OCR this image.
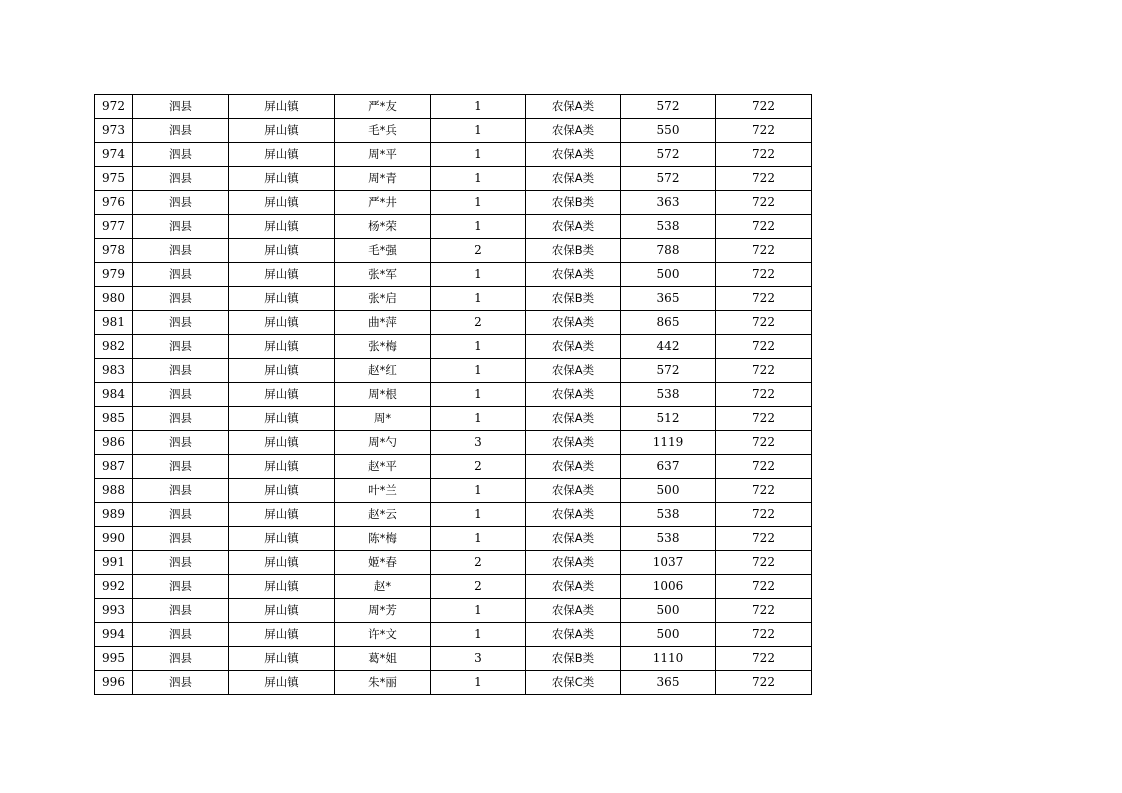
972	泗县	屏山镇	严*友	1	农保A类	572	722
973	泗县	屏山镇	毛*兵	1	农保A类	550	722
974	泗县	屏山镇	周*平	1	农保A类	572	722
975	泗县	屏山镇	周*青	1	农保A类	572	722
976	泗县	屏山镇	严*井	1	农保B类	363	722
977	泗县	屏山镇	杨*荣	1	农保A类	538	722
978	泗县	屏山镇	毛*强	2	农保B类	788	722
979	泗县	屏山镇	张*军	1	农保A类	500	722
980	泗县	屏山镇	张*启	1	农保B类	365	722
981	泗县	屏山镇	曲*萍	2	农保A类	865	722
982	泗县	屏山镇	张*梅	1	农保A类	442	722
983	泗县	屏山镇	赵*红	1	农保A类	572	722
984	泗县	屏山镇	周*根	1	农保A类	538	722
985	泗县	屏山镇	周*	1	农保A类	512	722
986	泗县	屏山镇	周*勺	3	农保A类	1119	722
987	泗县	屏山镇	赵*平	2	农保A类	637	722
988	泗县	屏山镇	叶*兰	1	农保A类	500	722
989	泗县	屏山镇	赵*云	1	农保A类	538	722
990	泗县	屏山镇	陈*梅	1	农保A类	538	722
991	泗县	屏山镇	姬*春	2	农保A类	1037	722
992	泗县	屏山镇	赵*	2	农保A类	1006	722
993	泗县	屏山镇	周*芳	1	农保A类	500	722
994	泗县	屏山镇	许*文	1	农保A类	500	722
995	泗县	屏山镇	葛*姐	3	农保B类	1110	722
996	泗县	屏山镇	朱*丽	1	农保C类	365	722
